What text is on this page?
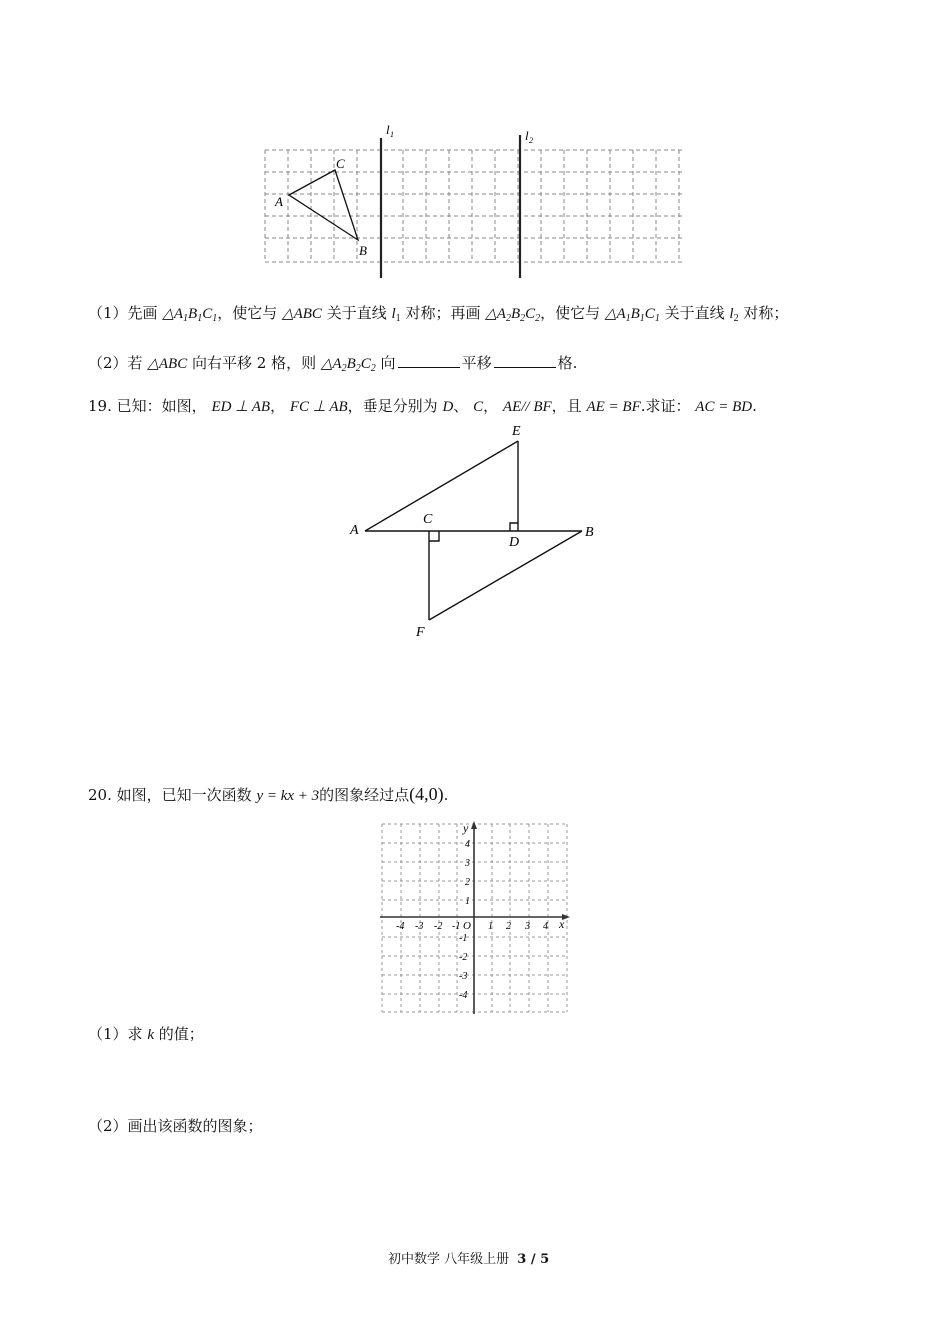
l 1	l 2
A
C
B
（1）先画 $\triangle A_1B_1C_1$，使它与 △ABC 关于直线 $l_1$ 对称；再画 $\triangle A_2B_2C_2$，使它与 $\triangle A_1B_1C_1$ 关于直线 $l_2$ 对称；
（2）若 △ABC 向右平移 2 格，则 $\triangle A_2B_2C_2$ 向	平移	格.
19. 已知：如图， ED ⊥ AB， FC ⊥ AB，垂足分别为 D、 C， AE// BF，且 AE = BF.求证： AC = BD.
E
A
C
D
B
F
20. 如图，已知一次函数 y = kx + 3的图象经过点(4,0).
x
y
O
-4 -3 -2 -1	1 2 3 4
4
3
2
1
-1
-2
-3
-4
（1）求 k 的值；
（2）画出该函数的图象；
初中数学 八年级上册 3 / 5
